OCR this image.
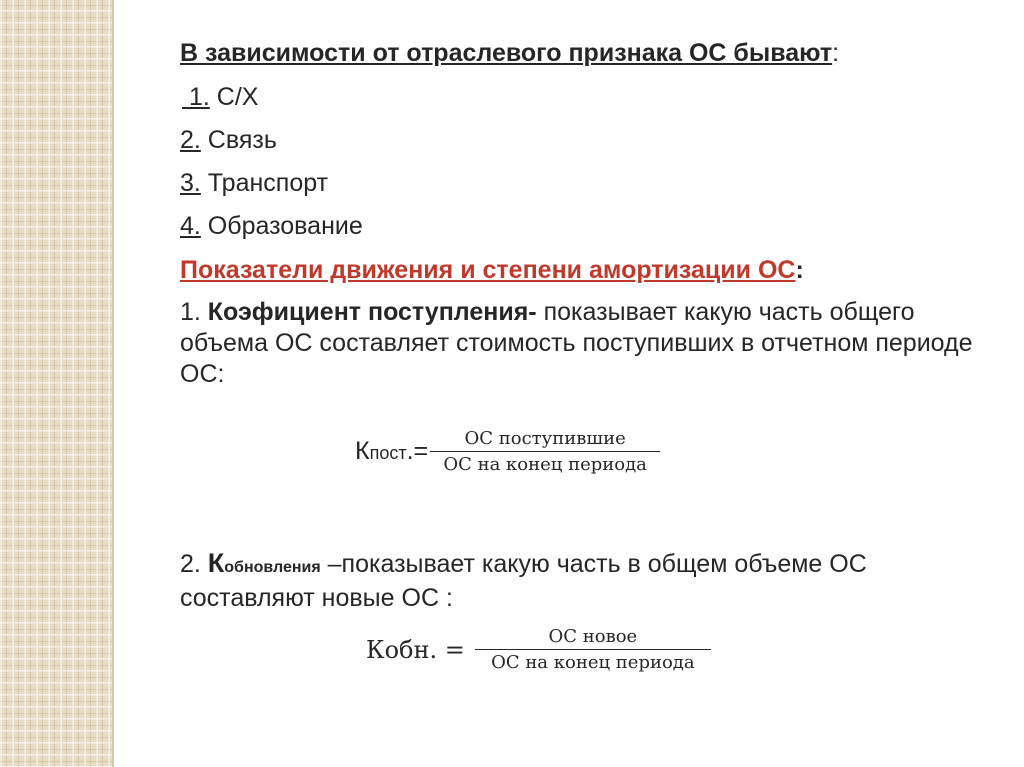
В зависимости от отраслевого признака ОС бывают:

1. С/Х

2. Связь

3. Транспорт

4. Образование

Показатели движения и степени амортизации ОС:

1. Коэфициент поступления- показывает какую часть общего объема ОС составляет стоимость поступивших в отчетном периоде ОС:

2. Кобновления –показывает какую часть в общем объеме ОС составляют новые ОС :

Кпост.= $\frac{\text{ОС поступившие}}{\text{ОС на конец периода}}$
Кобн. = $\frac{\text{ОС новое}}{\text{ОС на конец периода}}$
